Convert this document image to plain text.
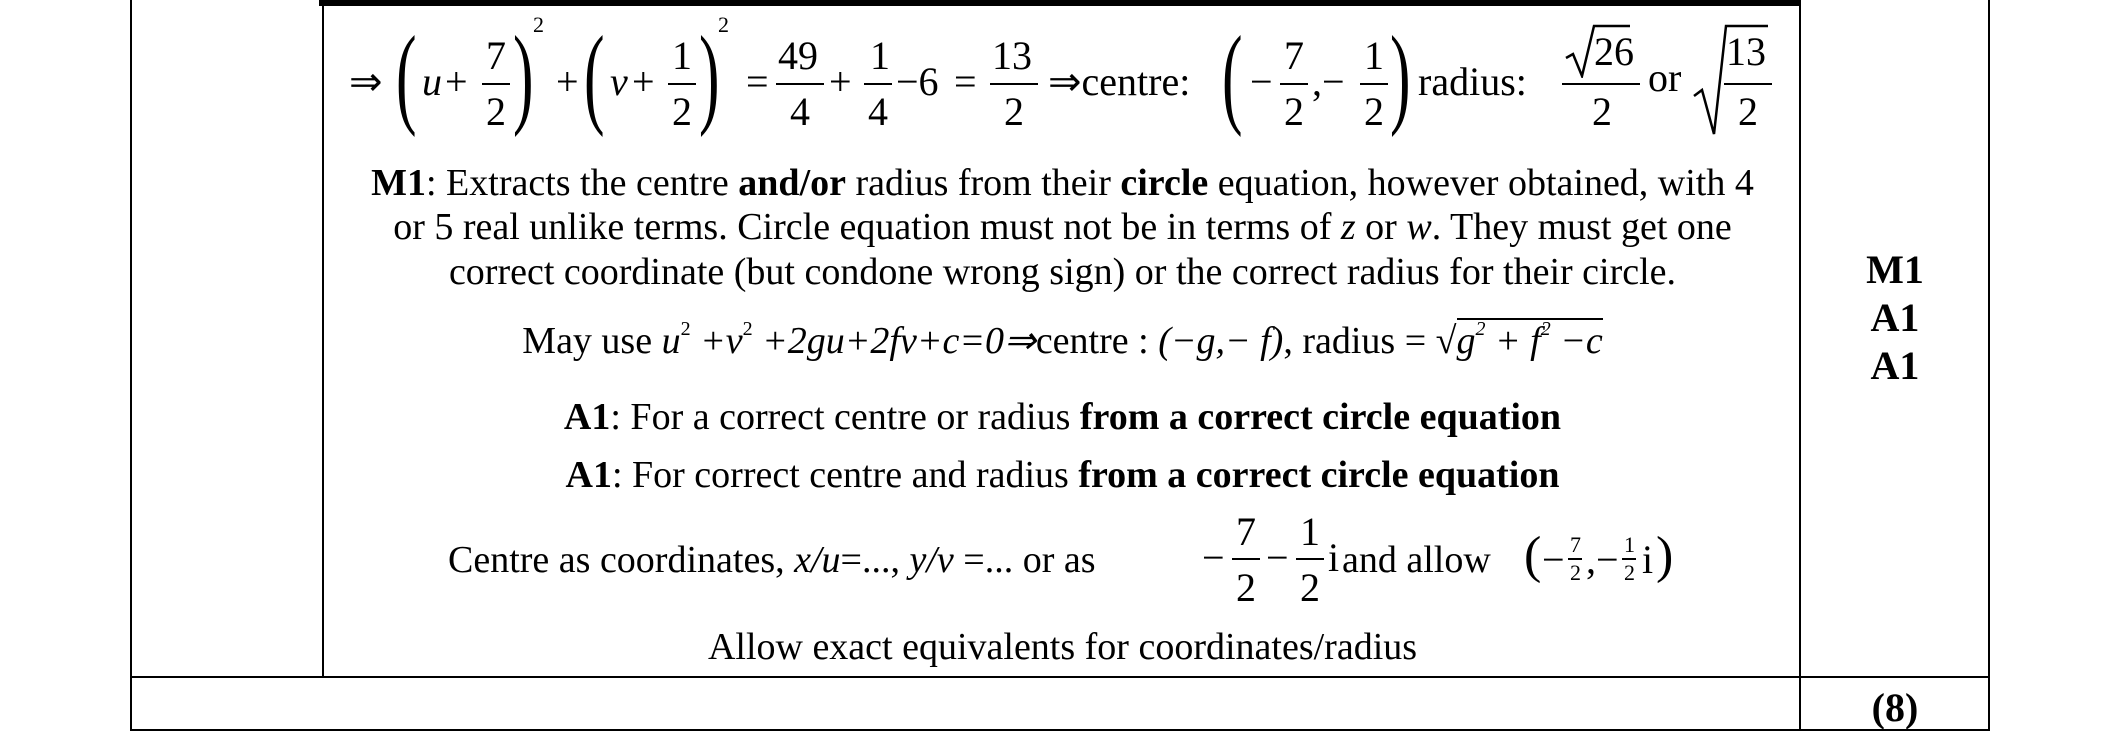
⇒ ( u +
7
2 ) 2
+ ( v +
1
2 )
2
=
49
4
+
1
4
−6 =
13
2
⇒centre: ( −
7
2
,−
1
2 ) radius:
26
2
or
13
2
M1: Extracts the centre and/or radius from their circle equation, however obtained, with 4
or 5 real unlike terms. Circle equation must not be in terms of z or w. They must get one
correct coordinate (but condone wrong sign) or the correct radius for their circle.
May use $u^2 +v^2$ +2gu+2fv+c=0⇒centre : (−g,− f), radius = $√g^2 + f^2 -c$
A1: For a correct centre or radius from a correct circle equation
A1: For correct centre and radius from a correct circle equation
Centre as coordinates, x/u=..., y/v =... or as	−
7
2
−
1
2
i and allow ( − 7
2 ,− 1
2 i )
Allow exact equivalents for coordinates/radius
M1
A1
A1
(8)
